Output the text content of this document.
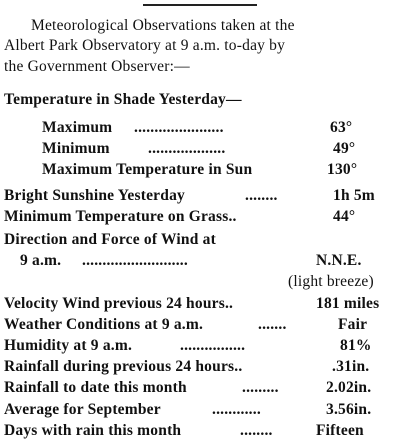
Meteorological Observations taken at the
Albert Park Observatory at 9 a.m. to-day by
the Government Observer:—
Temperature in Shade Yesterday—
Maximum ......................	63°
Minimum ...................	49°
Maximum Temperature in Sun	130°
Bright Sunshine Yesterday	........	1h 5m
Minimum Temperature on Grass..	44°
Direction and Force of Wind at
9 a.m. ..........................	N.N.E.
(light breeze)
Velocity Wind previous 24 hours..	181 miles
Weather Conditions at 9 a.m.	.......	Fair
Humidity at 9 a.m.	................	81%
Rainfall during previous 24 hours..	.31in.
Rainfall to date this month	.........	2.02in.
Average for September	............	3.56in.
Days with rain this month	........	Fifteen
